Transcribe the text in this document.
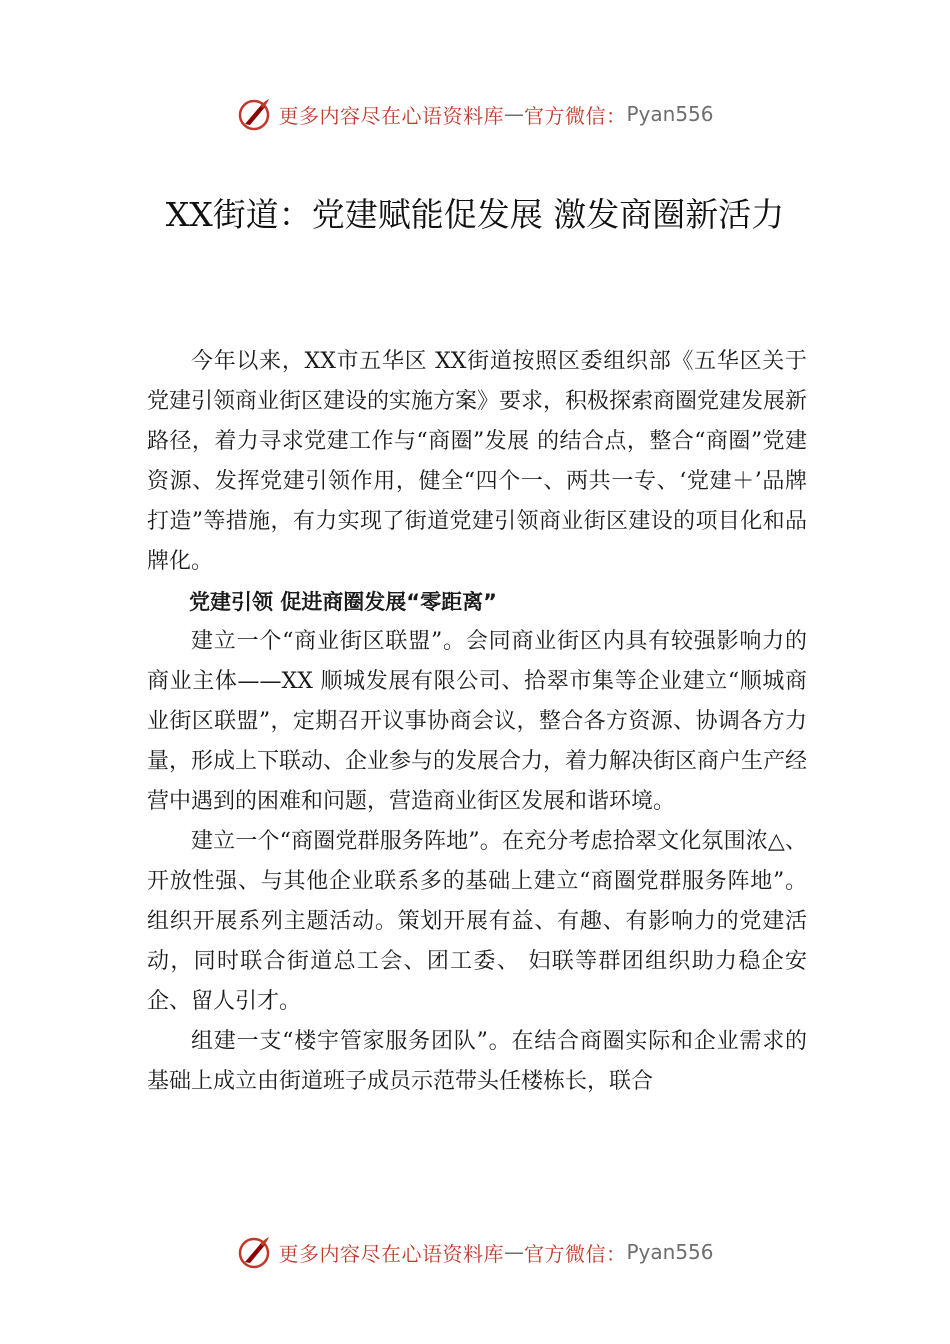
更多内容尽在心语资料库 — 官方微信： Pyan556
XX街道：党建赋能促发展 激发商圈新活力

今年以来，XX市五华区 XX街道按照区委组织部《五华区关于党建引领商业街区建设的实施方案》要求，积极探索商圈党建发展新路径，着力寻求党建工作与“商圈”发展 的结合点，整合“商圈”党建资源、发挥党建引领作用，健全“四个一、两共一专、‘党建＋’品牌打造”等措施，有力实现了街道党建引领商业街区建设的项目化和品牌化。

党建引领 促进商圈发展“零距离”

建立一个“商业街区联盟”。会同商业街区内具有较强影响力的商业主体——XX 顺城发展有限公司、拾翠市集等企业建立“顺城商业街区联盟”，定期召开议事协商会议，整合各方资源、协调各方力量，形成上下联动、企业参与的发展合力，着力解决街区商户生产经营中遇到的困难和问题，营造商业街区发展和谐环境。

建立一个“商圈党群服务阵地”。在充分考虑拾翠文化氛围浓△、开放性强、与其他企业联系多的基础上建立“商圈党群服务阵地”。组织开展系列主题活动。策划开展有益、有趣、有影响力的党建活动，同时联合街道总工会、团工委、 妇联等群团组织助力稳企安企、留人引才。

组建一支“楼宇管家服务团队”。在结合商圈实际和企业需求的基础上成立由街道班子成员示范带头任楼栋长，联合

更多内容尽在心语资料库 — 官方微信： Pyan556
